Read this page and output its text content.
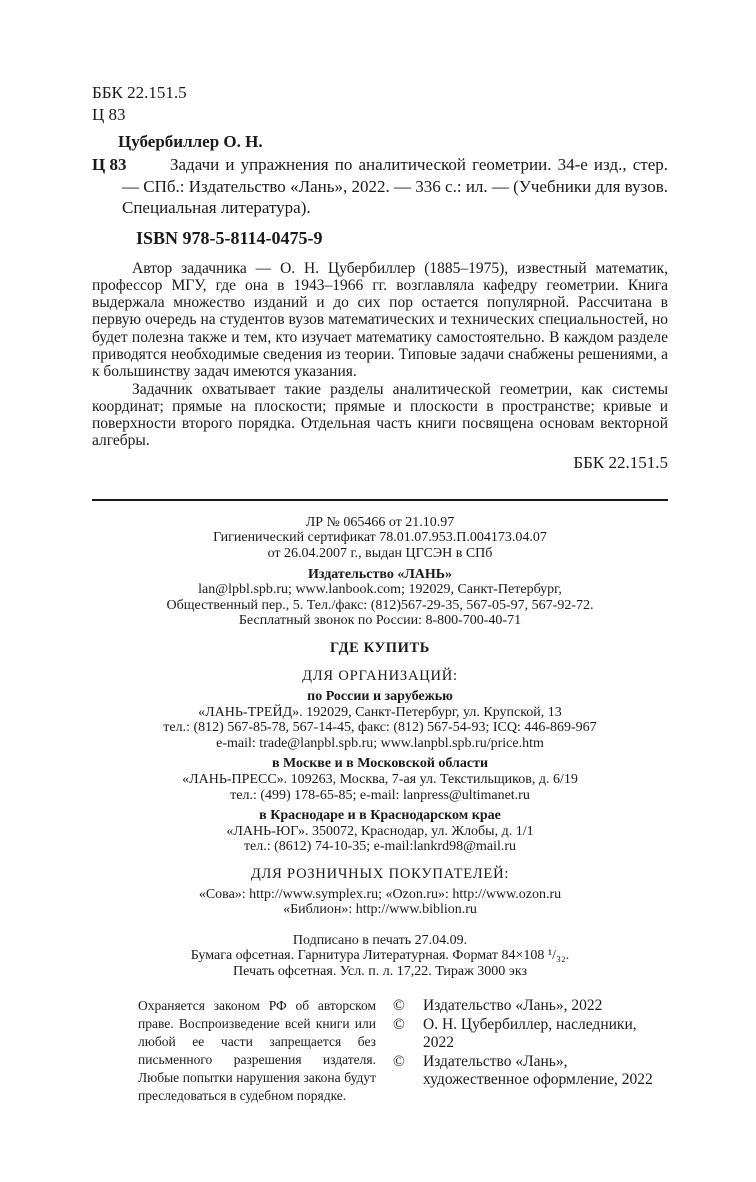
ББК 22.151.5
Ц 83
Цубербиллер О. Н.
Ц 83	Задачи и упражнения по аналитической геометрии. 34-е изд., стер. — СПб.: Издательство «Лань», 2022. — 336 с.: ил. — (Учебники для вузов. Специальная литература).
ISBN 978-5-8114-0475-9
Автор задачника — О. Н. Цубербиллер (1885–1975), известный математик, профессор МГУ, где она в 1943–1966 гг. возглавляла кафедру геометрии. Книга выдержала множество изданий и до сих пор остается популярной. Рассчитана в первую очередь на студентов вузов математических и технических специальностей, но будет полезна также и тем, кто изучает математику самостоятельно. В каждом разделе приводятся необходимые сведения из теории. Типовые задачи снабжены решениями, а к большинству задач имеются указания.
Задачник охватывает такие разделы аналитической геометрии, как системы координат; прямые на плоскости; прямые и плоскости в пространстве; кривые и поверхности второго порядка. Отдельная часть книги посвящена основам векторной алгебры.
ББК 22.151.5
ЛР № 065466 от 21.10.97
Гигиенический сертификат 78.01.07.953.П.004173.04.07
от 26.04.2007 г., выдан ЦГСЭН в СПб
Издательство «ЛАНЬ»
lan@lpbl.spb.ru; www.lanbook.com; 192029, Санкт-Петербург,
Общественный пер., 5. Тел./факс: (812)567-29-35, 567-05-97, 567-92-72.
Бесплатный звонок по России: 8-800-700-40-71
ГДЕ КУПИТЬ
ДЛЯ ОРГАНИЗАЦИЙ:
по России и зарубежью
«ЛАНЬ-ТРЕЙД». 192029, Санкт-Петербург, ул. Крупской, 13
тел.: (812) 567-85-78, 567-14-45, факс: (812) 567-54-93; ICQ: 446-869-967
e-mail: trade@lanpbl.spb.ru; www.lanpbl.spb.ru/price.htm
в Москве и в Московской области
«ЛАНЬ-ПРЕСС». 109263, Москва, 7-ая ул. Текстильщиков, д. 6/19
тел.: (499) 178-65-85; e-mail: lanpress@ultimanet.ru
в Краснодаре и в Краснодарском крае
«ЛАНЬ-ЮГ». 350072, Краснодар, ул. Жлобы, д. 1/1
тел.: (8612) 74-10-35; e-mail:lankrd98@mail.ru
ДЛЯ РОЗНИЧНЫХ ПОКУПАТЕЛЕЙ:
«Сова»: http://www.symplex.ru; «Ozon.ru»: http://www.ozon.ru
«Библион»: http://www.biblion.ru
Подписано в печать 27.04.09.
Бумага офсетная. Гарнитура Литературная. Формат 84×108 ¹/₃₂.
Печать офсетная. Усл. п. л. 17,22. Тираж 3000 экз
Охраняется законом РФ об авторском праве. Воспроизведение всей книги или любой ее части запрещается без письменного разрешения издателя. Любые попытки нарушения закона будут преследоваться в судебном порядке.
©	Издательство «Лань», 2022
©	О. Н. Цубербиллер, наследники, 2022
©	Издательство «Лань», художественное оформление, 2022
